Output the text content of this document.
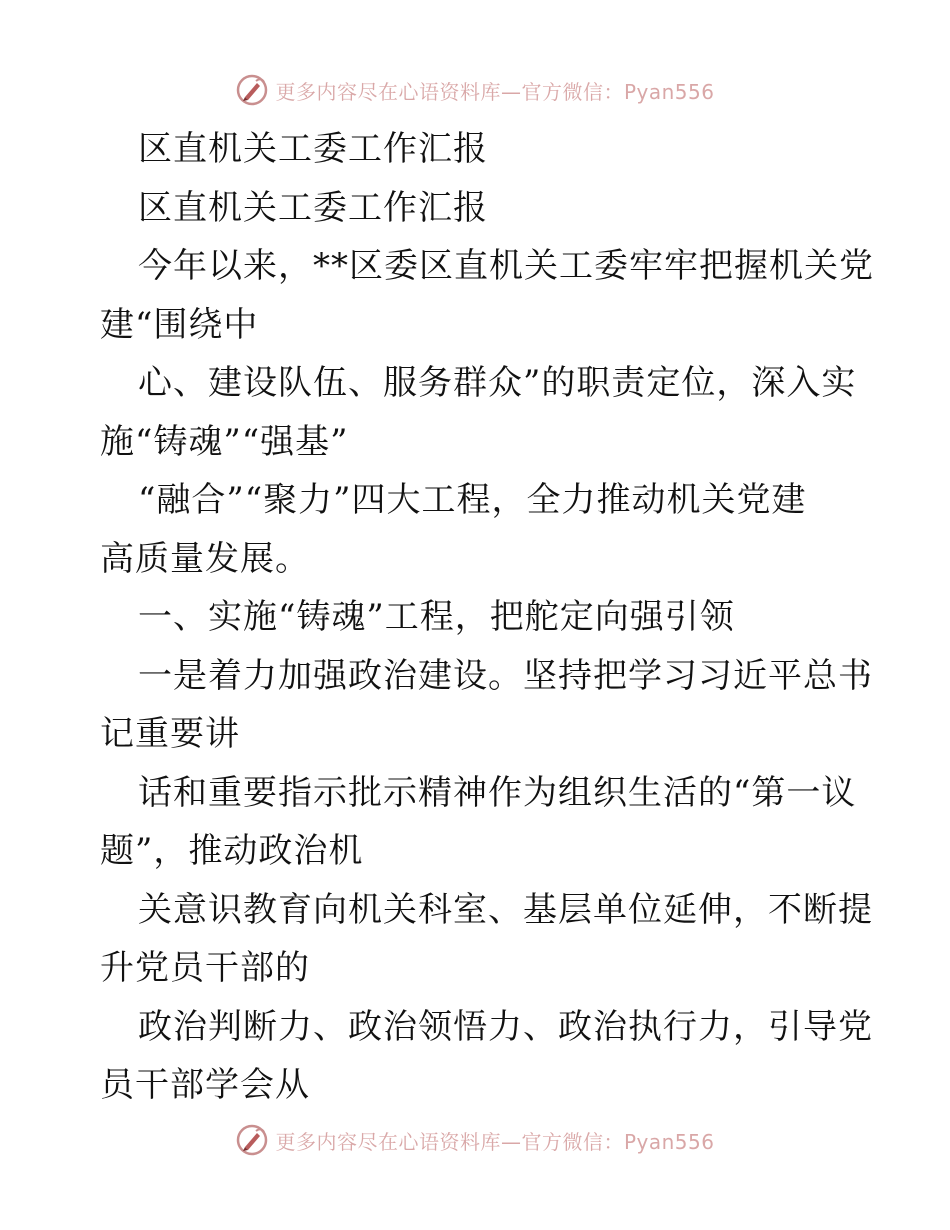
更多内容尽在心语资料库—官方微信：Pyan556
区直机关工委工作汇报
区直机关工委工作汇报
今年以来，**区委区直机关工委牢牢把握机关党
建“围绕中
心、建设队伍、服务群众”的职责定位，深入实
施“铸魂”“强基”
“融合”“聚力”四大工程，全力推动机关党建
高质量发展。
一、实施“铸魂”工程，把舵定向强引领
一是着力加强政治建设。坚持把学习习近平总书
记重要讲
话和重要指示批示精神作为组织生活的“第一议
题”，推动政治机
关意识教育向机关科室、基层单位延伸，不断提
升党员干部的
政治判断力、政治领悟力、政治执行力，引导党
员干部学会从
更多内容尽在心语资料库—官方微信：Pyan556
